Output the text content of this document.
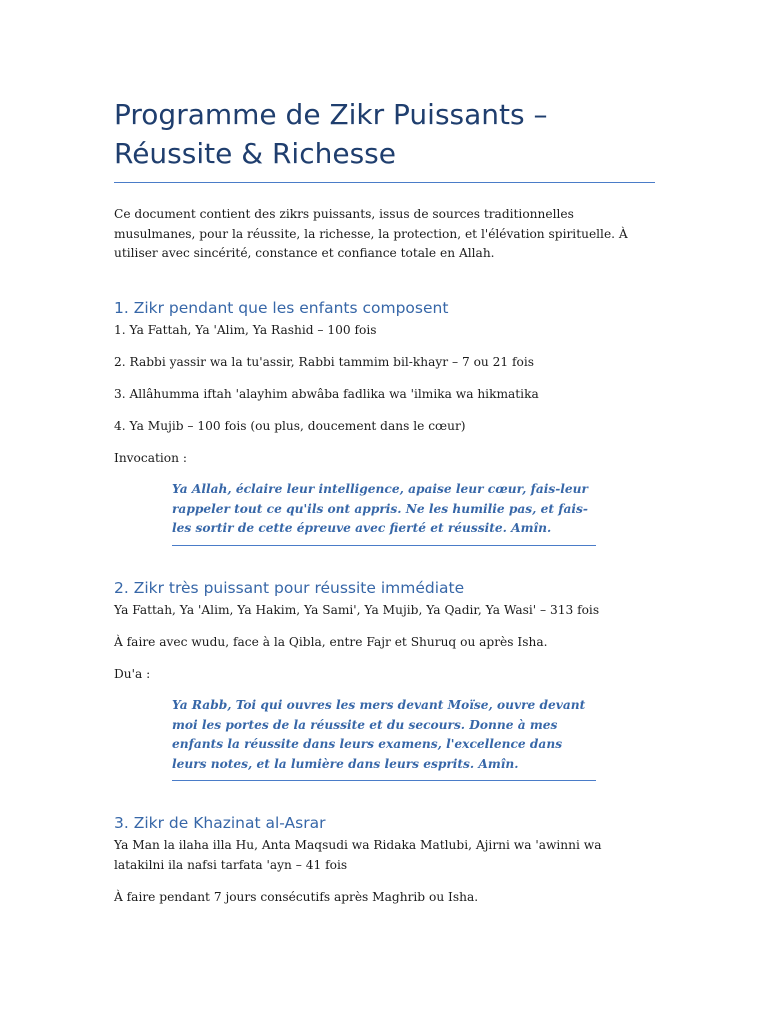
Programme de Zikr Puissants – Réussite & Richesse

Ce document contient des zikrs puissants, issus de sources traditionnelles musulmanes, pour la réussite, la richesse, la protection, et l'élévation spirituelle. À utiliser avec sincérité, constance et confiance totale en Allah.

1. Zikr pendant que les enfants composent

1. Ya Fattah, Ya 'Alim, Ya Rashid – 100 fois

2. Rabbi yassir wa la tu'assir, Rabbi tammim bil-khayr – 7 ou 21 fois

3. Allâhumma iftah 'alayhim abwâba fadlika wa 'ilmika wa hikmatika

4. Ya Mujib – 100 fois (ou plus, doucement dans le cœur)

Invocation :

Ya Allah, éclaire leur intelligence, apaise leur cœur, fais-leur rappeler tout ce qu'ils ont appris. Ne les humilie pas, et fais-les sortir de cette épreuve avec fierté et réussite. Amîn.
2. Zikr très puissant pour réussite immédiate

Ya Fattah, Ya 'Alim, Ya Hakim, Ya Sami', Ya Mujib, Ya Qadir, Ya Wasi' – 313 fois

À faire avec wudu, face à la Qibla, entre Fajr et Shuruq ou après Isha.

Du'a :

Ya Rabb, Toi qui ouvres les mers devant Moïse, ouvre devant moi les portes de la réussite et du secours. Donne à mes enfants la réussite dans leurs examens, l'excellence dans leurs notes, et la lumière dans leurs esprits. Amîn.
3. Zikr de Khazinat al-Asrar

Ya Man la ilaha illa Hu, Anta Maqsudi wa Ridaka Matlubi, Ajirni wa 'awinni wa latakilni ila nafsi tarfata 'ayn – 41 fois

À faire pendant 7 jours consécutifs après Maghrib ou Isha.
